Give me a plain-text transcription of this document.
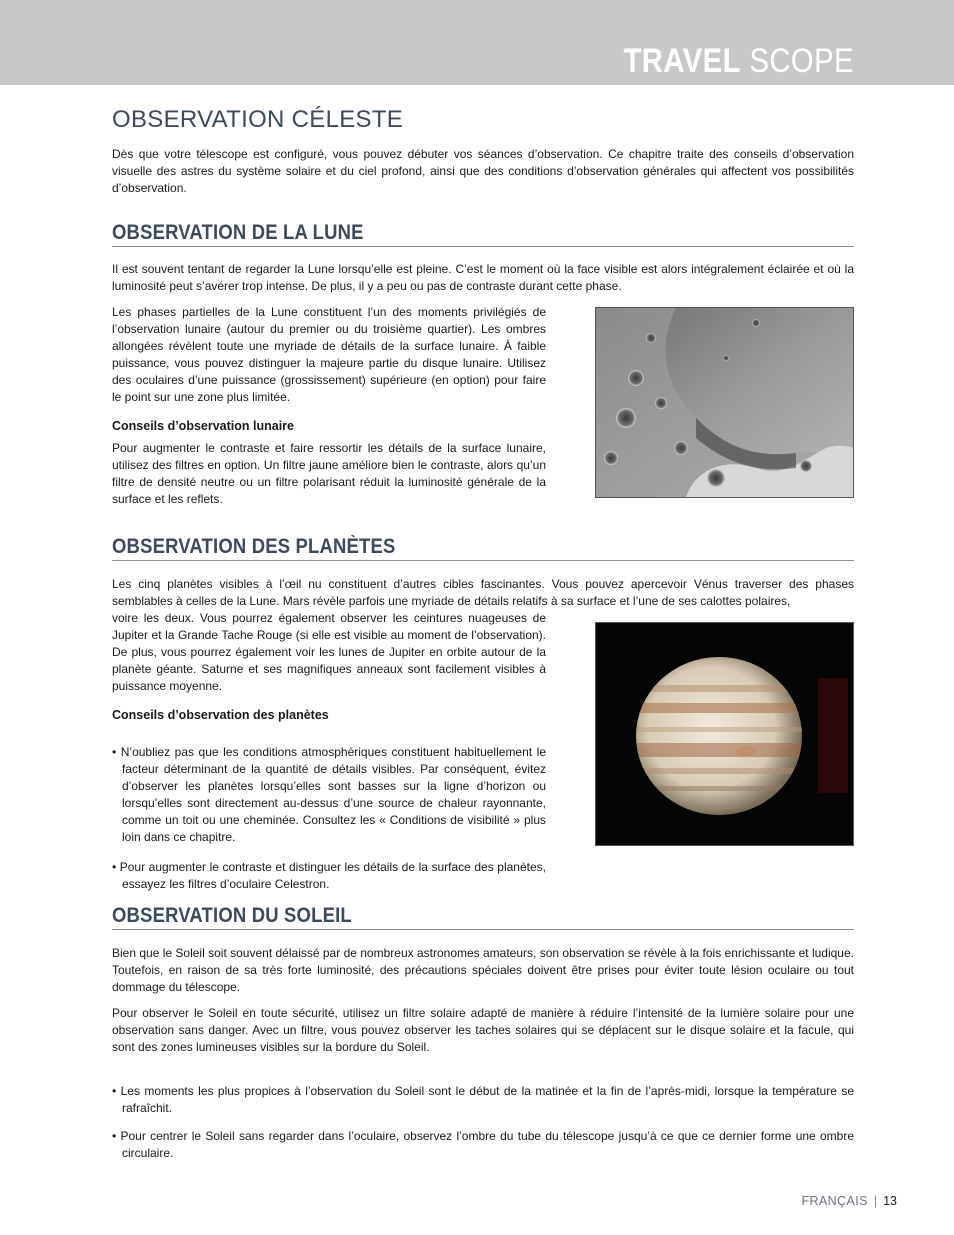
TRAVEL SCOPE
OBSERVATION CÉLESTE

Dès que votre télescope est configuré, vous pouvez débuter vos séances d’observation. Ce chapitre traite des conseils d’observation visuelle des astres du système solaire et du ciel profond, ainsi que des conditions d’observation générales qui affectent vos possibilités d’observation.

OBSERVATION DE LA LUNE

Il est souvent tentant de regarder la Lune lorsqu’elle est pleine. C’est le moment où la face visible est alors intégralement éclairée et où la luminosité peut s’avérer trop intense. De plus, il y a peu ou pas de contraste durant cette phase.

Les phases partielles de la Lune constituent l’un des moments privilégiés de l’observation lunaire (autour du premier ou du troisième quartier). Les ombres allongées révèlent toute une myriade de détails de la surface lunaire. À faible puissance, vous pouvez distinguer la majeure partie du disque lunaire. Utilisez des oculaires d’une puissance (grossissement) supérieure (en option) pour faire le point sur une zone plus limitée.

Conseils d’observation lunaire

Pour augmenter le contraste et faire ressortir les détails de la surface lunaire, utilisez des filtres en option. Un filtre jaune améliore bien le contraste, alors qu’un filtre de densité neutre ou un filtre polarisant réduit la luminosité générale de la surface et les reflets.

OBSERVATION DES PLANÈTES

Les cinq planètes visibles à l’œil nu constituent d’autres cibles fascinantes. Vous pouvez apercevoir Vénus traverser des phases semblables à celles de la Lune. Mars révèle parfois une myriade de détails relatifs à sa surface et l’une de ses calottes polaires,

voire les deux. Vous pourrez également observer les ceintures nuageuses de Jupiter et la Grande Tache Rouge (si elle est visible au moment de l’observation). De plus, vous pourrez également voir les lunes de Jupiter en orbite autour de la planète géante. Saturne et ses magnifiques anneaux sont facilement visibles à puissance moyenne.

Conseils d’observation des planètes

• N’oubliez pas que les conditions atmosphériques constituent habituellement le facteur déterminant de la quantité de détails visibles. Par conséquent, évitez d’observer les planètes lorsqu’elles sont basses sur la ligne d’horizon ou lorsqu’elles sont directement au-dessus d’une source de chaleur rayonnante, comme un toit ou une cheminée. Consultez les « Conditions de visibilité » plus loin dans ce chapitre.

• Pour augmenter le contraste et distinguer les détails de la surface des planètes, essayez les filtres d’oculaire Celestron.

OBSERVATION DU SOLEIL

Bien que le Soleil soit souvent délaissé par de nombreux astronomes amateurs, son observation se révèle à la fois enrichissante et ludique. Toutefois, en raison de sa très forte luminosité, des précautions spéciales doivent être prises pour éviter toute lésion oculaire ou tout dommage du télescope.

Pour observer le Soleil en toute sécurité, utilisez un filtre solaire adapté de manière à réduire l’intensité de la lumière solaire pour une observation sans danger. Avec un filtre, vous pouvez observer les taches solaires qui se déplacent sur le disque solaire et la facule, qui sont des zones lumineuses visibles sur la bordure du Soleil.

• Les moments les plus propices à l’observation du Soleil sont le début de la matinée et la fin de l’après-midi, lorsque la température se rafraîchit.

• Pour centrer le Soleil sans regarder dans l’oculaire, observez l’ombre du tube du télescope jusqu’à ce que ce dernier forme une ombre circulaire.

FRANÇAIS | 13
